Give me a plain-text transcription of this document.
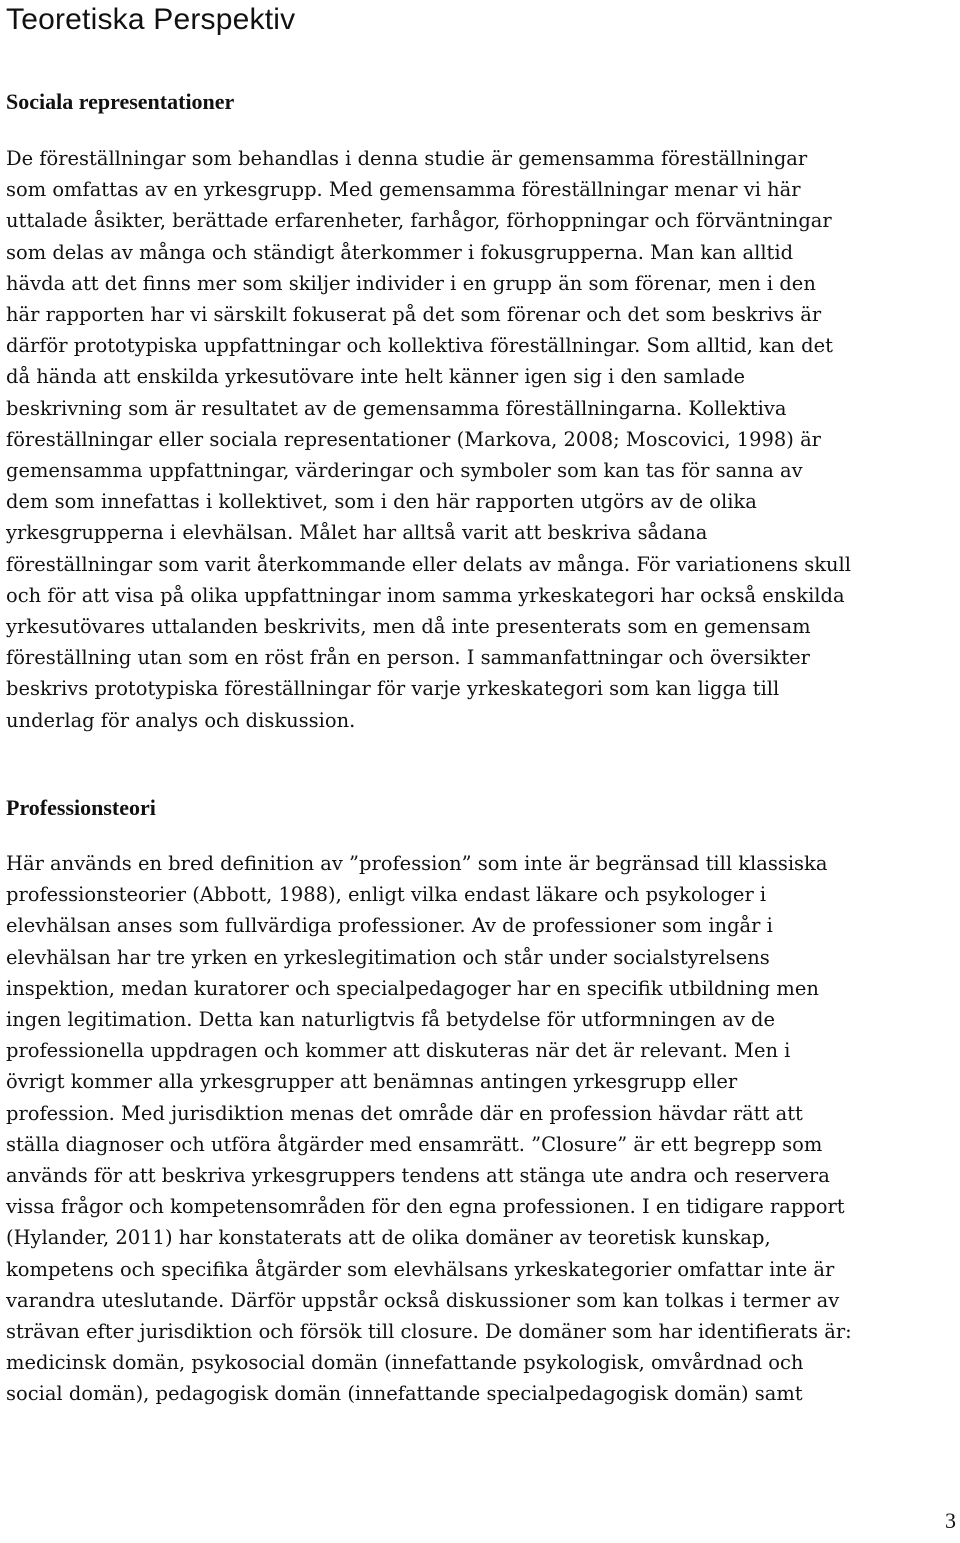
Teoretiska Perspektiv
Sociala representationer
De föreställningar som behandlas i denna studie är gemensamma föreställningar
som omfattas av en yrkesgrupp. Med gemensamma föreställningar menar vi här
uttalade åsikter, berättade erfarenheter, farhågor, förhoppningar och förväntningar
som delas av många och ständigt återkommer i fokusgrupperna. Man kan alltid
hävda att det finns mer som skiljer individer i en grupp än som förenar, men i den
här rapporten har vi särskilt fokuserat på det som förenar och det som beskrivs är
därför prototypiska uppfattningar och kollektiva föreställningar. Som alltid, kan det
då hända att enskilda yrkesutövare inte helt känner igen sig i den samlade
beskrivning som är resultatet av de gemensamma föreställningarna. Kollektiva
föreställningar eller sociala representationer (Markova, 2008; Moscovici, 1998) är
gemensamma uppfattningar, värderingar och symboler som kan tas för sanna av
dem som innefattas i kollektivet, som i den här rapporten utgörs av de olika
yrkesgrupperna i elevhälsan. Målet har alltså varit att beskriva sådana
föreställningar som varit återkommande eller delats av många. För variationens skull
och för att visa på olika uppfattningar inom samma yrkeskategori har också enskilda
yrkesutövares uttalanden beskrivits, men då inte presenterats som en gemensam
föreställning utan som en röst från en person. I sammanfattningar och översikter
beskrivs prototypiska föreställningar för varje yrkeskategori som kan ligga till
underlag för analys och diskussion.

Professionsteori
Här används en bred definition av ”profession” som inte är begränsad till klassiska
professionsteorier (Abbott, 1988), enligt vilka endast läkare och psykologer i
elevhälsan anses som fullvärdiga professioner. Av de professioner som ingår i
elevhälsan har tre yrken en yrkeslegitimation och står under socialstyrelsens
inspektion, medan kuratorer och specialpedagoger har en specifik utbildning men
ingen legitimation. Detta kan naturligtvis få betydelse för utformningen av de
professionella uppdragen och kommer att diskuteras när det är relevant. Men i
övrigt kommer alla yrkesgrupper att benämnas antingen yrkesgrupp eller
profession. Med jurisdiktion menas det område där en profession hävdar rätt att
ställa diagnoser och utföra åtgärder med ensamrätt. ”Closure” är ett begrepp som
används för att beskriva yrkesgruppers tendens att stänga ute andra och reservera
vissa frågor och kompetensområden för den egna professionen. I en tidigare rapport
(Hylander, 2011) har konstaterats att de olika domäner av teoretisk kunskap,
kompetens och specifika åtgärder som elevhälsans yrkeskategorier omfattar inte är
varandra uteslutande. Därför uppstår också diskussioner som kan tolkas i termer av
strävan efter jurisdiktion och försök till closure. De domäner som har identifierats är:
medicinsk domän, psykosocial domän (innefattande psykologisk, omvårdnad och
social domän), pedagogisk domän (innefattande specialpedagogisk domän) samt

3
